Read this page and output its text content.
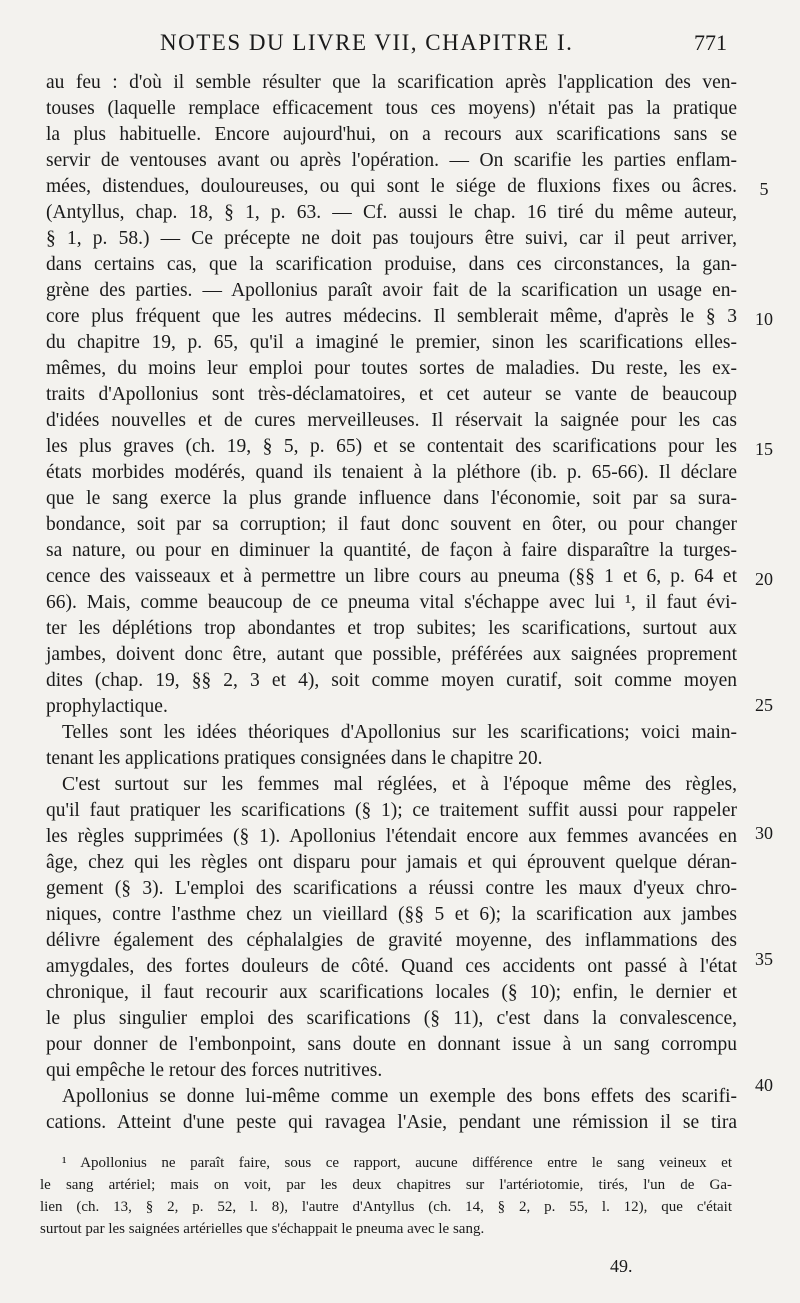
NOTES DU LIVRE VII, CHAPITRE I.	771
au feu : d'où il semble résulter que la scarification après l'application des ven-
touses (laquelle remplace efficacement tous ces moyens) n'était pas la pratique
la plus habituelle. Encore aujourd'hui, on a recours aux scarifications sans se
servir de ventouses avant ou après l'opération. — On scarifie les parties enflam-
mées, distendues, douloureuses, ou qui sont le siége de fluxions fixes ou âcres.
(Antyllus, chap. 18, § 1, p. 63. — Cf. aussi le chap. 16 tiré du même auteur,
§ 1, p. 58.) — Ce précepte ne doit pas toujours être suivi, car il peut arriver,
dans certains cas, que la scarification produise, dans ces circonstances, la gan-
grène des parties. — Apollonius paraît avoir fait de la scarification un usage en-
core plus fréquent que les autres médecins. Il semblerait même, d'après le § 3
du chapitre 19, p. 65, qu'il a imaginé le premier, sinon les scarifications elles-
mêmes, du moins leur emploi pour toutes sortes de maladies. Du reste, les ex-
traits d'Apollonius sont très-déclamatoires, et cet auteur se vante de beaucoup
d'idées nouvelles et de cures merveilleuses. Il réservait la saignée pour les cas
les plus graves (ch. 19, § 5, p. 65) et se contentait des scarifications pour les
états morbides modérés, quand ils tenaient à la pléthore (ib. p. 65-66). Il déclare
que le sang exerce la plus grande influence dans l'économie, soit par sa sura-
bondance, soit par sa corruption; il faut donc souvent en ôter, ou pour changer
sa nature, ou pour en diminuer la quantité, de façon à faire disparaître la turges-
cence des vaisseaux et à permettre un libre cours au pneuma (§§ 1 et 6, p. 64 et
66). Mais, comme beaucoup de ce pneuma vital s'échappe avec lui ¹, il faut évi-
ter les déplétions trop abondantes et trop subites; les scarifications, surtout aux
jambes, doivent donc être, autant que possible, préférées aux saignées proprement
dites (chap. 19, §§ 2, 3 et 4), soit comme moyen curatif, soit comme moyen
prophylactique.
Telles sont les idées théoriques d'Apollonius sur les scarifications; voici main-
tenant les applications pratiques consignées dans le chapitre 20.
C'est surtout sur les femmes mal réglées, et à l'époque même des règles,
qu'il faut pratiquer les scarifications (§ 1); ce traitement suffit aussi pour rappeler
les règles supprimées (§ 1). Apollonius l'étendait encore aux femmes avancées en
âge, chez qui les règles ont disparu pour jamais et qui éprouvent quelque déran-
gement (§ 3). L'emploi des scarifications a réussi contre les maux d'yeux chro-
niques, contre l'asthme chez un vieillard (§§ 5 et 6); la scarification aux jambes
délivre également des céphalalgies de gravité moyenne, des inflammations des
amygdales, des fortes douleurs de côté. Quand ces accidents ont passé à l'état
chronique, il faut recourir aux scarifications locales (§ 10); enfin, le dernier et
le plus singulier emploi des scarifications (§ 11), c'est dans la convalescence,
pour donner de l'embonpoint, sans doute en donnant issue à un sang corrompu
qui empêche le retour des forces nutritives.
Apollonius se donne lui-même comme un exemple des bons effets des scarifi-
cations. Atteint d'une peste qui ravagea l'Asie, pendant une rémission il se tira
5
10
15
20
25
30
35
40
¹ Apollonius ne paraît faire, sous ce rapport, aucune différence entre le sang veineux et
le sang artériel; mais on voit, par les deux chapitres sur l'artériotomie, tirés, l'un de Ga-
lien (ch. 13, § 2, p. 52, l. 8), l'autre d'Antyllus (ch. 14, § 2, p. 55, l. 12), que c'était
surtout par les saignées artérielles que s'échappait le pneuma avec le sang.
49.
